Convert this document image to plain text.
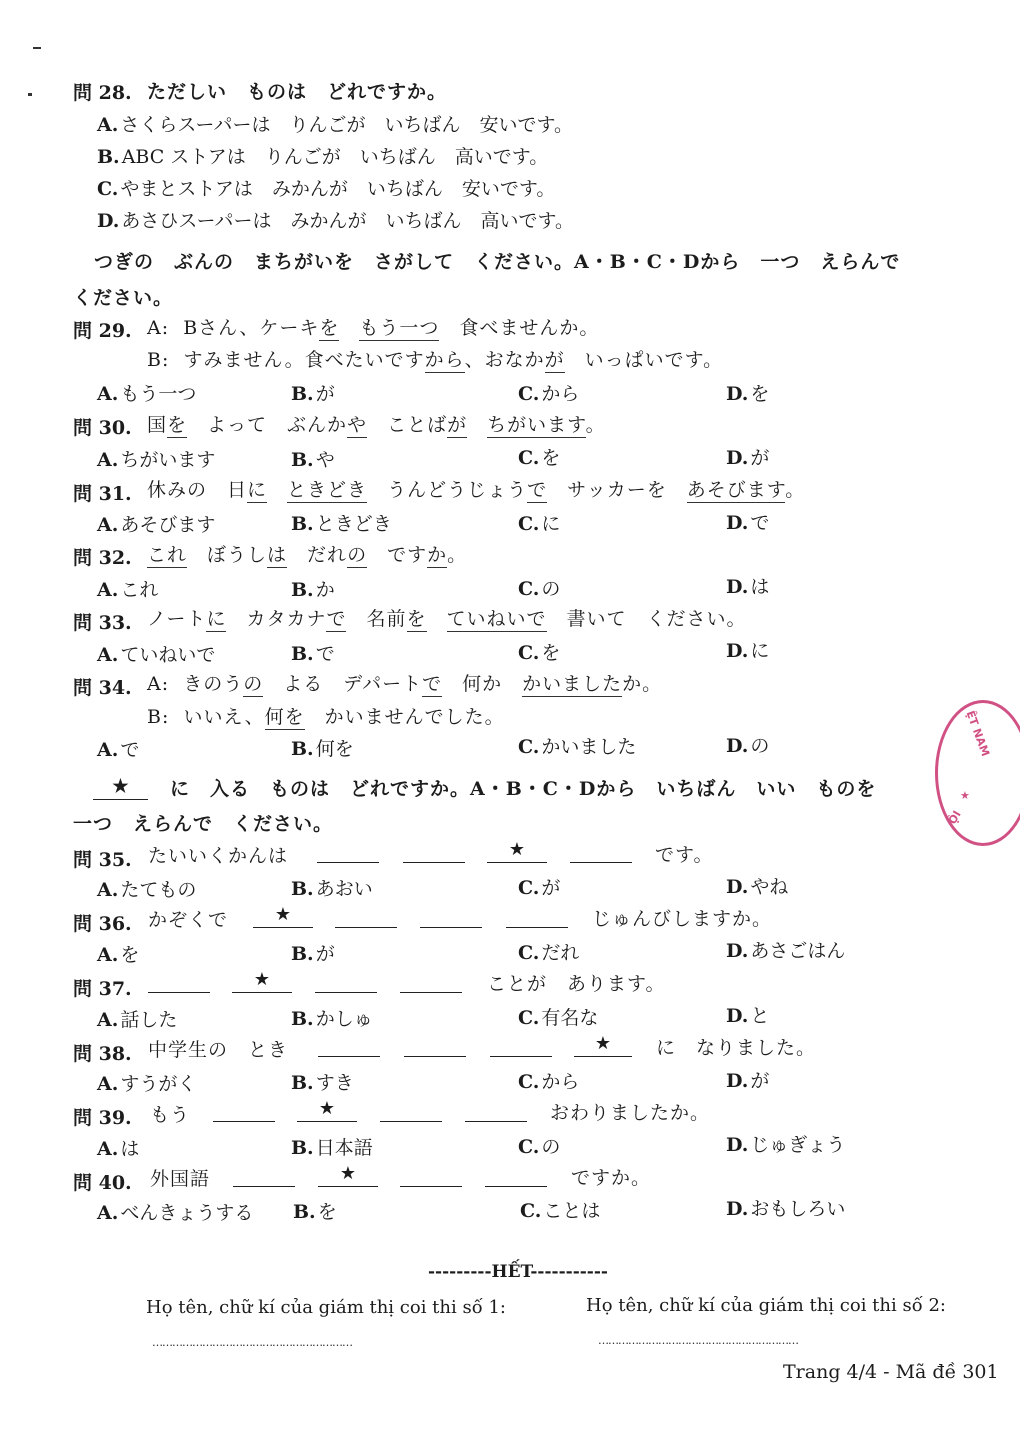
問 28. ただしい　ものは　どれですか。
A. さくらスーパーは　りんごが　いちばん　安いです。
B. ABC ストアは　りんごが　いちばん　高いです。
C. やまとストアは　みかんが　いちばん　安いです。
D. あさひスーパーは　みかんが　いちばん　高いです。
つぎの　ぶんの　まちがいを　さがして　ください。A・B・C・Dから　一つ　えらんで
ください。
問 29. A: Bさん、ケーキを　 もう一つ　食べませんか。
B: すみません。食べたいですから、おなかが　いっぱいです。
A. もう一つ	B. が	C. から	D. を
問 30. 国を　よって　ぶんかや　ことばが　 ちがいます。
A. ちがいます	B. や	C. を	D. が
問 31. 休みの　日に　 ときどき　うんどうじょうで　サッカーを　あそびます。
A. あそびます	B. ときどき	C. に	D. で
問 32. これ　ぼうしは　だれの　ですか。
A. これ	B. か	C. の	D. は
問 33. ノートに　カタカナで　名前を　 ていねいで　書いて　ください。
A. ていねいで	B. で	C. を	D. に
問 34. A: きのうの　よる　デパートで　何か　かいましたか。
B: いいえ、何を　かいませんでした。
A. で	B. 何を	C. かいました	D. の
★	に　入る　ものは　どれですか。A・B・C・Dから　いちばん　いい　ものを
一つ　えらんで　ください。
問 35. たいいくかんは	★	です。
A. たてもの	B. あおい	C. が	D. やね
問 36. かぞくで	★	じゅんびしますか。
A. を	B. が	C. だれ	D. あさごはん
問 37.	★	ことが　あります。
A. 話した	B. かしゅ	C. 有名な	D. と
問 38. 中学生の　とき	★	に　なりました。
A. すうがく	B. すき	C. から	D. が
問 39. もう	★	おわりましたか。
A. は	B. 日本語	C. の	D. じゅぎょう
問 40. 外国語	★	ですか。
A. べんきょうする B. を	C. ことは	D. おもしろい
---------HẾT-----------
Họ tên, chữ kí của giám thị coi thi số 1:	Họ tên, chữ kí của giám thị coi thi số 2:
……………………………………………………	……………………………………………………
Trang 4/4 - Mã đề 301
ỆT NAM
★
ỘI
